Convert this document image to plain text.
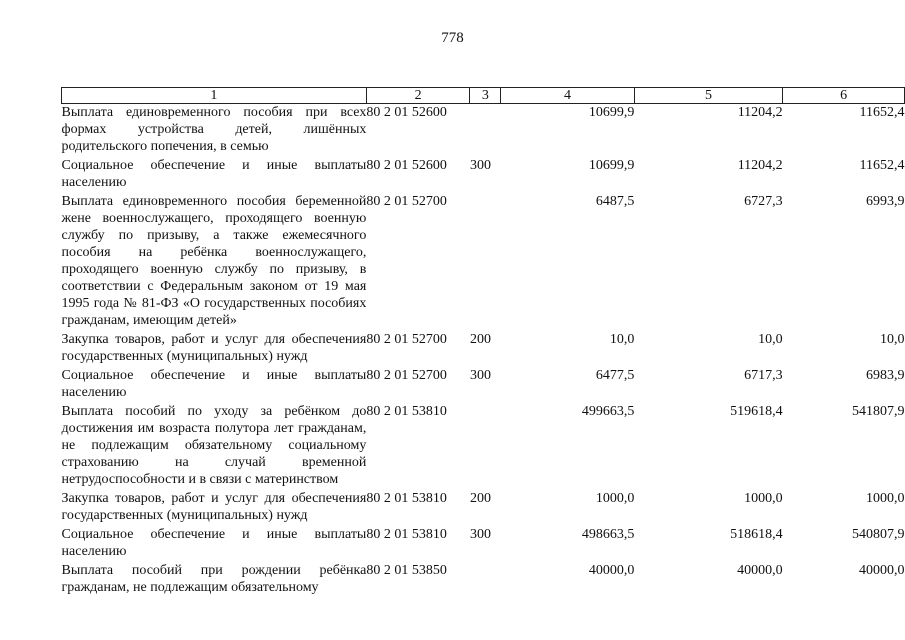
778
1	2	3	4	5	6
Выплата единовременного пособия при всех формах устройства детей, лишённых родительского попечения, в семью	80 2 01 52600		10699,9	11204,2	11652,4
Социальное обеспечение и иные выплаты населению	80 2 01 52600	300	10699,9	11204,2	11652,4
Выплата единовременного пособия беременной жене военнослужащего, проходящего военную службу по призыву, а также ежемесячного пособия на ребёнка военнослужащего, проходящего военную службу по призыву, в соответствии с Федеральным законом от 19 мая 1995 года № 81-ФЗ «О государственных пособиях гражданам, имеющим детей»	80 2 01 52700		6487,5	6727,3	6993,9
Закупка товаров, работ и услуг для обеспечения государственных (муниципальных) нужд	80 2 01 52700	200	10,0	10,0	10,0
Социальное обеспечение и иные выплаты населению	80 2 01 52700	300	6477,5	6717,3	6983,9
Выплата пособий по уходу за ребёнком до достижения им возраста полутора лет гражданам, не подлежащим обязательному социальному страхованию на случай временной нетрудоспособности и в связи с материнством	80 2 01 53810		499663,5	519618,4	541807,9
Закупка товаров, работ и услуг для обеспечения государственных (муниципальных) нужд	80 2 01 53810	200	1000,0	1000,0	1000,0
Социальное обеспечение и иные выплаты населению	80 2 01 53810	300	498663,5	518618,4	540807,9
Выплата пособий при рождении ребёнка гражданам, не подлежащим обязательному	80 2 01 53850		40000,0	40000,0	40000,0
